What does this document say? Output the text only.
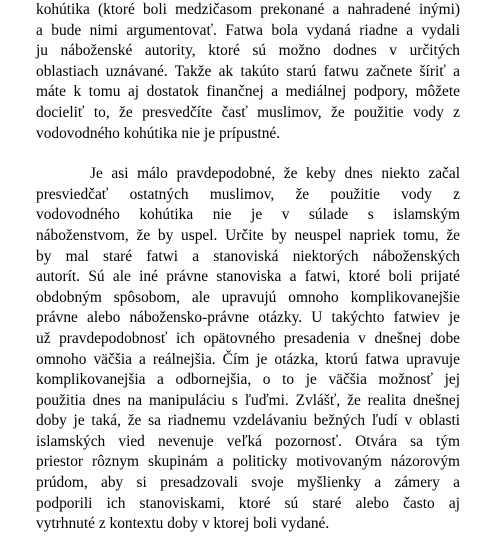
kohútika (ktoré boli medzičasom prekonané a nahradené inými)
a bude nimi argumentovať. Fatwa bola vydaná riadne a vydali
ju náboženské autority, ktoré sú možno dodnes v určitých
oblastiach uznávané. Takže ak takúto starú fatwu začnete šíriť a
máte k tomu aj dostatok finančnej a mediálnej podpory, môžete
docieliť to, že presvedčíte časť muslimov, že použitie vody z
vodovodného kohútika nie je prípustné.
Je asi málo pravdepodobné, že keby dnes niekto začal
presviedčať ostatných muslimov, že použitie vody z
vodovodného kohútika nie je v súlade s islamským
náboženstvom, že by uspel. Určite by neuspel napriek tomu, že
by mal staré fatwi a stanoviská niektorých náboženských
autorít. Sú ale iné právne stanoviska a fatwi, ktoré boli prijaté
obdobným spôsobom, ale upravujú omnoho komplikovanejšie
právne alebo nábožensko-právne otázky. U takýchto fatwiev je
už pravdepodobnosť ich opätovného presadenia v dnešnej dobe
omnoho väčšia a reálnejšia. Čím je otázka, ktorú fatwa upravuje
komplikovanejšia a odbornejšia, o to je väčšia možnosť jej
použitia dnes na manipuláciu s ľuďmi. Zvlášť, že realita dnešnej
doby je taká, že sa riadnemu vzdelávaniu bežných ľudí v oblasti
islamských vied nevenuje veľká pozornosť. Otvára sa tým
priestor rôznym skupinám a politicky motivovaným názorovým
prúdom, aby si presadzovali svoje myšlienky a zámery a
podporili ich stanoviskami, ktoré sú staré alebo často aj
vytrhnuté z kontextu doby v ktorej boli vydané.
